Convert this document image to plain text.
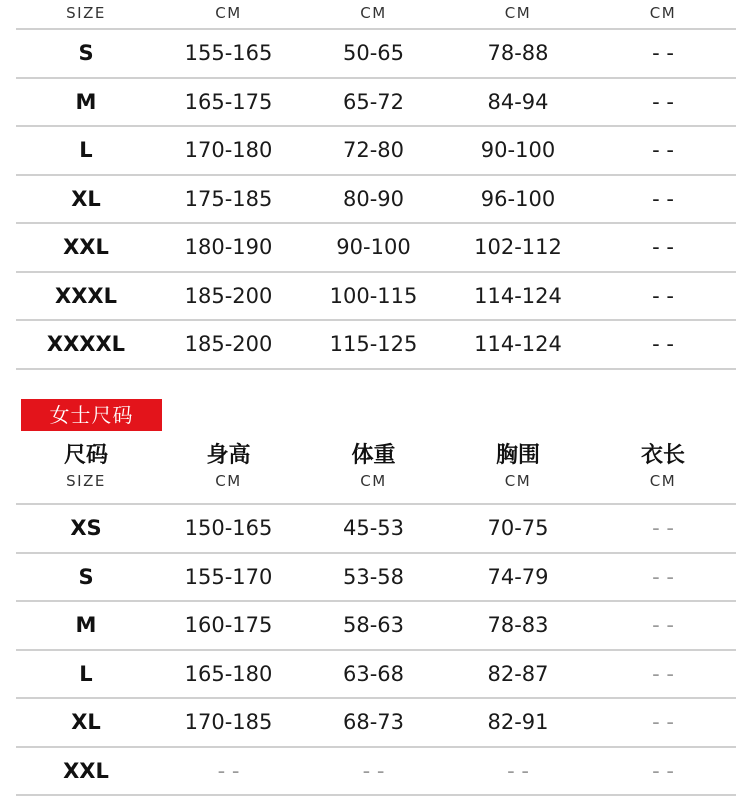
SIZE	CM	CM	CM	CM
S	155-165	50-65	78-88	- -
M	165-175	65-72	84-94	- -
L	170-180	72-80	90-100	- -
XL	175-185	80-90	96-100	- -
XXL	180-190	90-100	102-112	- -
XXXL	185-200	100-115	114-124	- -
XXXXL	185-200	115-125	114-124	- -
女士尺码
尺码	身高	体重	胸围	衣长
SIZE	CM	CM	CM	CM
XS	150-165	45-53	70-75	- -
S	155-170	53-58	74-79	- -
M	160-175	58-63	78-83	- -
L	165-180	63-68	82-87	- -
XL	170-185	68-73	82-91	- -
XXL	- -	- -	- -	- -
